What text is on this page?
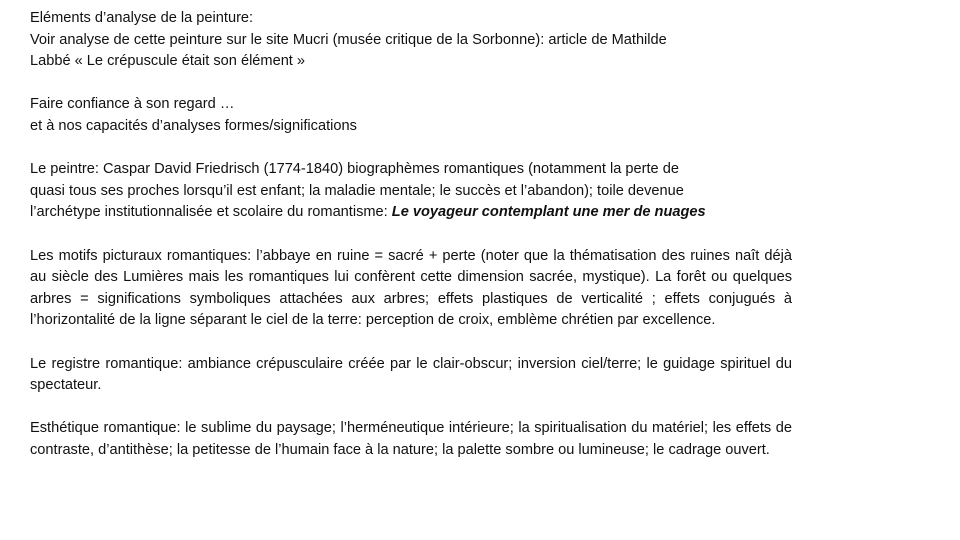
Eléments d’analyse de la peinture:
Voir analyse de cette peinture sur le site Mucri (musée critique de la Sorbonne): article de Mathilde
Labbé « Le crépuscule était son élément »
Faire confiance à son regard …
et à nos capacités d’analyses formes/significations
Le peintre: Caspar David Friedrisch (1774-1840) biographèmes romantiques (notamment la perte de
quasi tous ses proches lorsqu’il est enfant; la maladie mentale; le succès et l’abandon); toile devenue
l’archétype institutionnalisée et scolaire du romantisme: Le voyageur contemplant une mer de nuages
Les motifs picturaux romantiques: l’abbaye en ruine = sacré + perte (noter que la thématisation des ruines naît déjà au siècle des Lumières mais les romantiques lui confèrent cette dimension sacrée, mystique). La forêt ou quelques arbres = significations symboliques attachées aux arbres; effets plastiques de verticalité ; effets conjugués à l’horizontalité de la ligne séparant le ciel de la terre: perception de croix, emblème chrétien par excellence.
Le registre romantique: ambiance crépusculaire créée par le clair-obscur; inversion ciel/terre; le guidage spirituel du spectateur.
Esthétique romantique: le sublime du paysage; l’herméneutique intérieure; la spiritualisation du matériel; les effets de contraste, d’antithèse; la petitesse de l’humain face à la nature; la palette sombre ou lumineuse; le cadrage ouvert.
